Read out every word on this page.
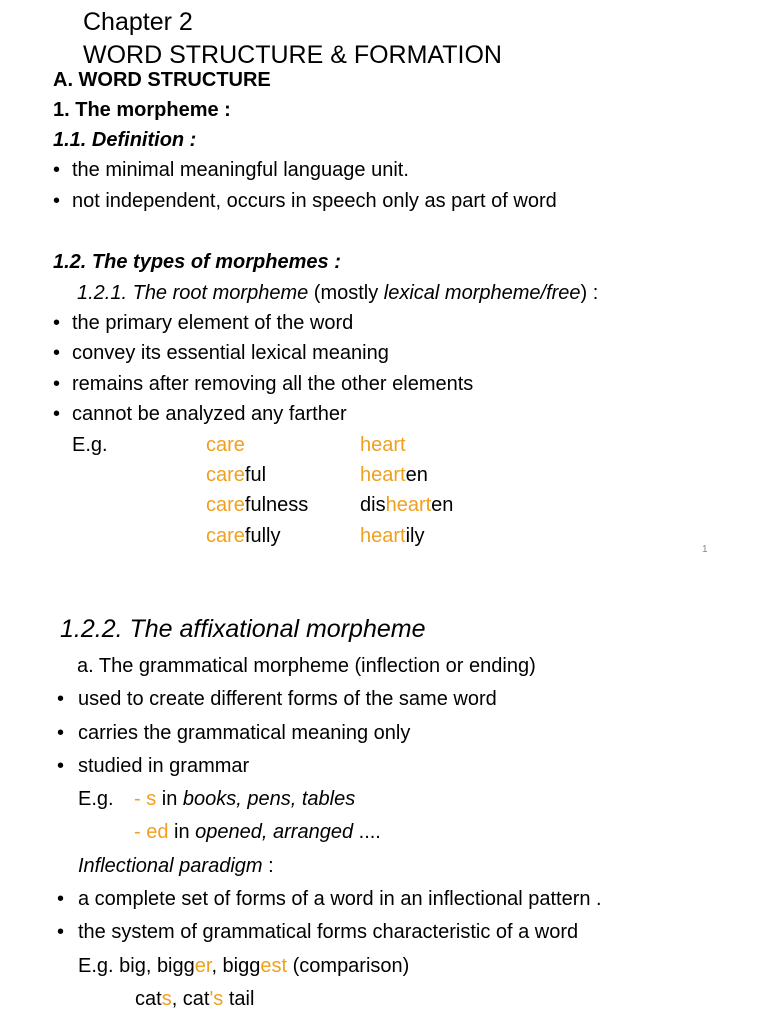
Chapter 2
WORD STRUCTURE & FORMATION
A. WORD STRUCTURE
1. The morpheme :
1.1. Definition :
• the minimal meaningful language unit.
• not independent, occurs in speech only as part of word
1.2. The types of morphemes :
1.2.1. The root morpheme (mostly lexical morpheme/free) :
• the primary element of the word
• convey its essential lexical meaning
• remains after removing all the other elements
• cannot be analyzed any farther
E.g.	care
careful
carefulness
carefully
heart
hearten
dishearten
heartily
1
1.2.2. The affixational morpheme
a. The grammatical morpheme (inflection or ending)
• used to create different forms of the same word
• carries the grammatical meaning only
• studied in grammar
E.g. - s in books, pens, tables
- ed in opened, arranged ....
Inflectional paradigm :
• a complete set of forms of a word in an inflectional pattern .
• the system of grammatical forms characteristic of a word
E.g. big, bigger, biggest (comparison)
cats, cat's tail
